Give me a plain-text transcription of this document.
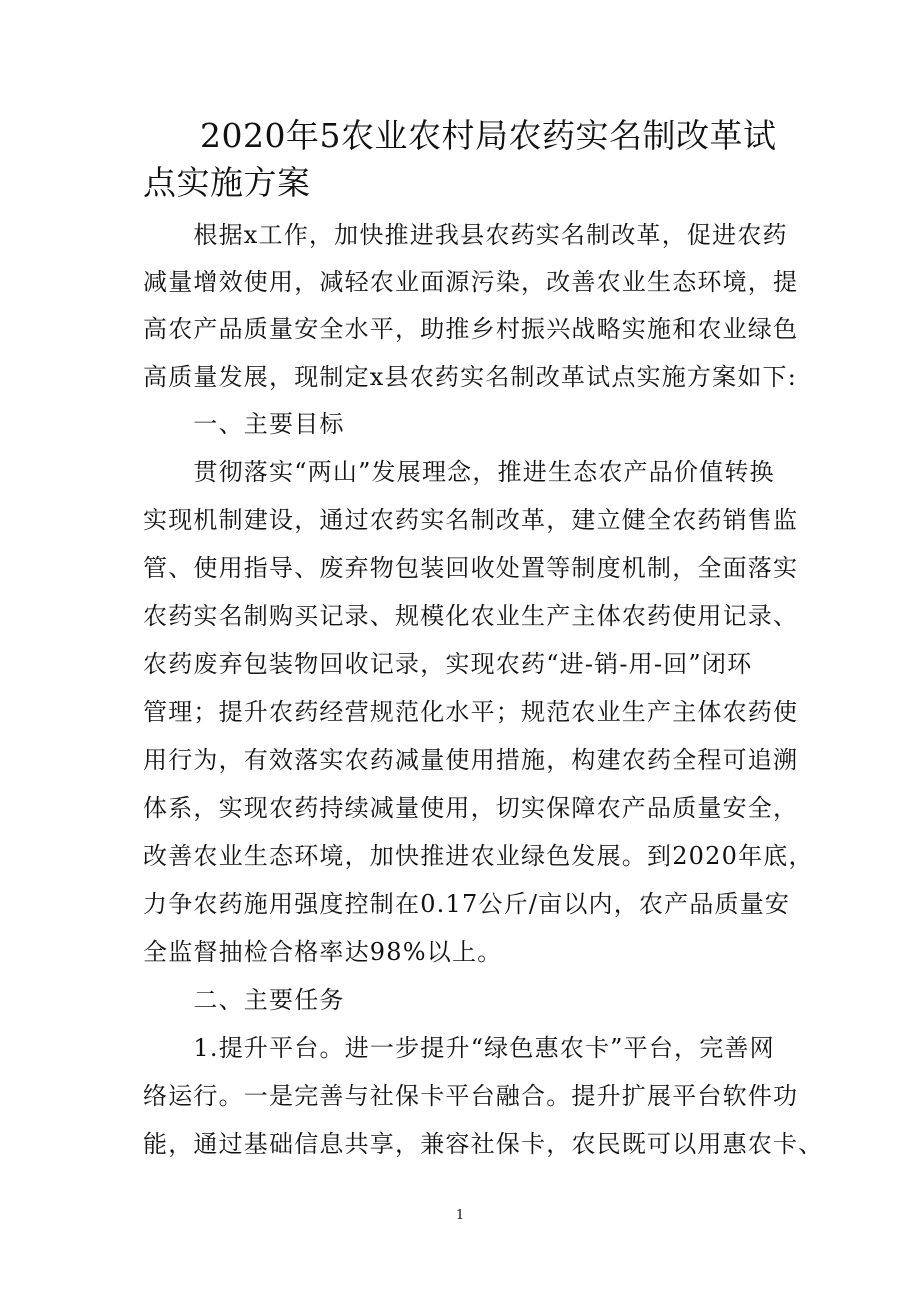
2020年5农业农村局农药实名制改革试点实施方案
　　根据x工作，加快推进我县农药实名制改革，促进农药
减量增效使用，减轻农业面源污染，改善农业生态环境，提
高农产品质量安全水平，助推乡村振兴战略实施和农业绿色
高质量发展，现制定x县农药实名制改革试点实施方案如下:
　　一、主要目标
　　贯彻落实“两山”发展理念，推进生态农产品价值转换
实现机制建设，通过农药实名制改革，建立健全农药销售监
管、使用指导、废弃物包装回收处置等制度机制，全面落实
农药实名制购买记录、规模化农业生产主体农药使用记录、
农药废弃包装物回收记录，实现农药“进-销-用-回”闭环
管理；提升农药经营规范化水平；规范农业生产主体农药使
用行为，有效落实农药减量使用措施，构建农药全程可追溯
体系，实现农药持续减量使用，切实保障农产品质量安全，
改善农业生态环境，加快推进农业绿色发展。到2020年底，
力争农药施用强度控制在0.17公斤/亩以内，农产品质量安
全监督抽检合格率达98%以上。
　　二、主要任务
　　1.提升平台。进一步提升“绿色惠农卡”平台，完善网
络运行。一是完善与社保卡平台融合。提升扩展平台软件功
能，通过基础信息共享，兼容社保卡，农民既可以用惠农卡、
1
